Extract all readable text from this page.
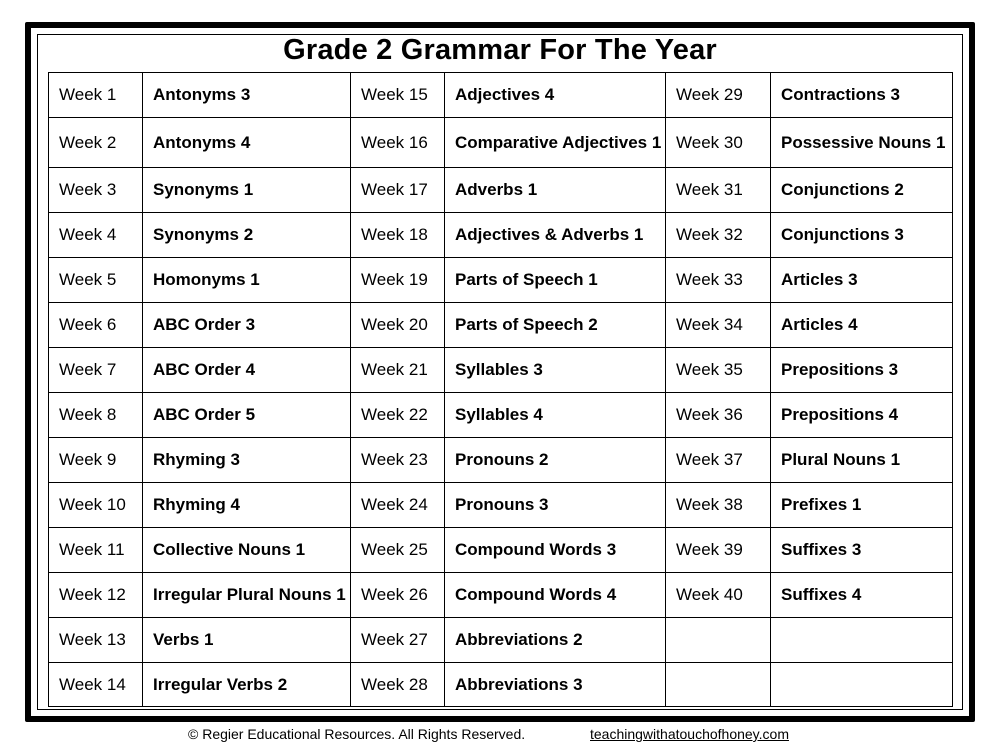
Grade 2 Grammar For The Year
Week 1	Antonyms 3	Week 15	Adjectives 4	Week 29	Contractions 3
Week 2	Antonyms 4	Week 16	Comparative Adjectives 1	Week 30	Possessive Nouns 1
Week 3	Synonyms 1	Week 17	Adverbs 1	Week 31	Conjunctions 2
Week 4	Synonyms 2	Week 18	Adjectives & Adverbs 1	Week 32	Conjunctions 3
Week 5	Homonyms 1	Week 19	Parts of Speech 1	Week 33	Articles 3
Week 6	ABC Order 3	Week 20	Parts of Speech 2	Week 34	Articles 4
Week 7	ABC Order 4	Week 21	Syllables 3	Week 35	Prepositions 3
Week 8	ABC Order 5	Week 22	Syllables 4	Week 36	Prepositions 4
Week 9	Rhyming 3	Week 23	Pronouns 2	Week 37	Plural Nouns 1
Week 10	Rhyming 4	Week 24	Pronouns 3	Week 38	Prefixes 1
Week 11	Collective Nouns 1	Week 25	Compound Words 3	Week 39	Suffixes 3
Week 12	Irregular Plural Nouns 1	Week 26	Compound Words 4	Week 40	Suffixes 4
Week 13	Verbs 1	Week 27	Abbreviations 2		
Week 14	Irregular Verbs 2	Week 28	Abbreviations 3		
© Regier Educational Resources. All Rights Reserved.	teachingwithatouchofhoney.com
